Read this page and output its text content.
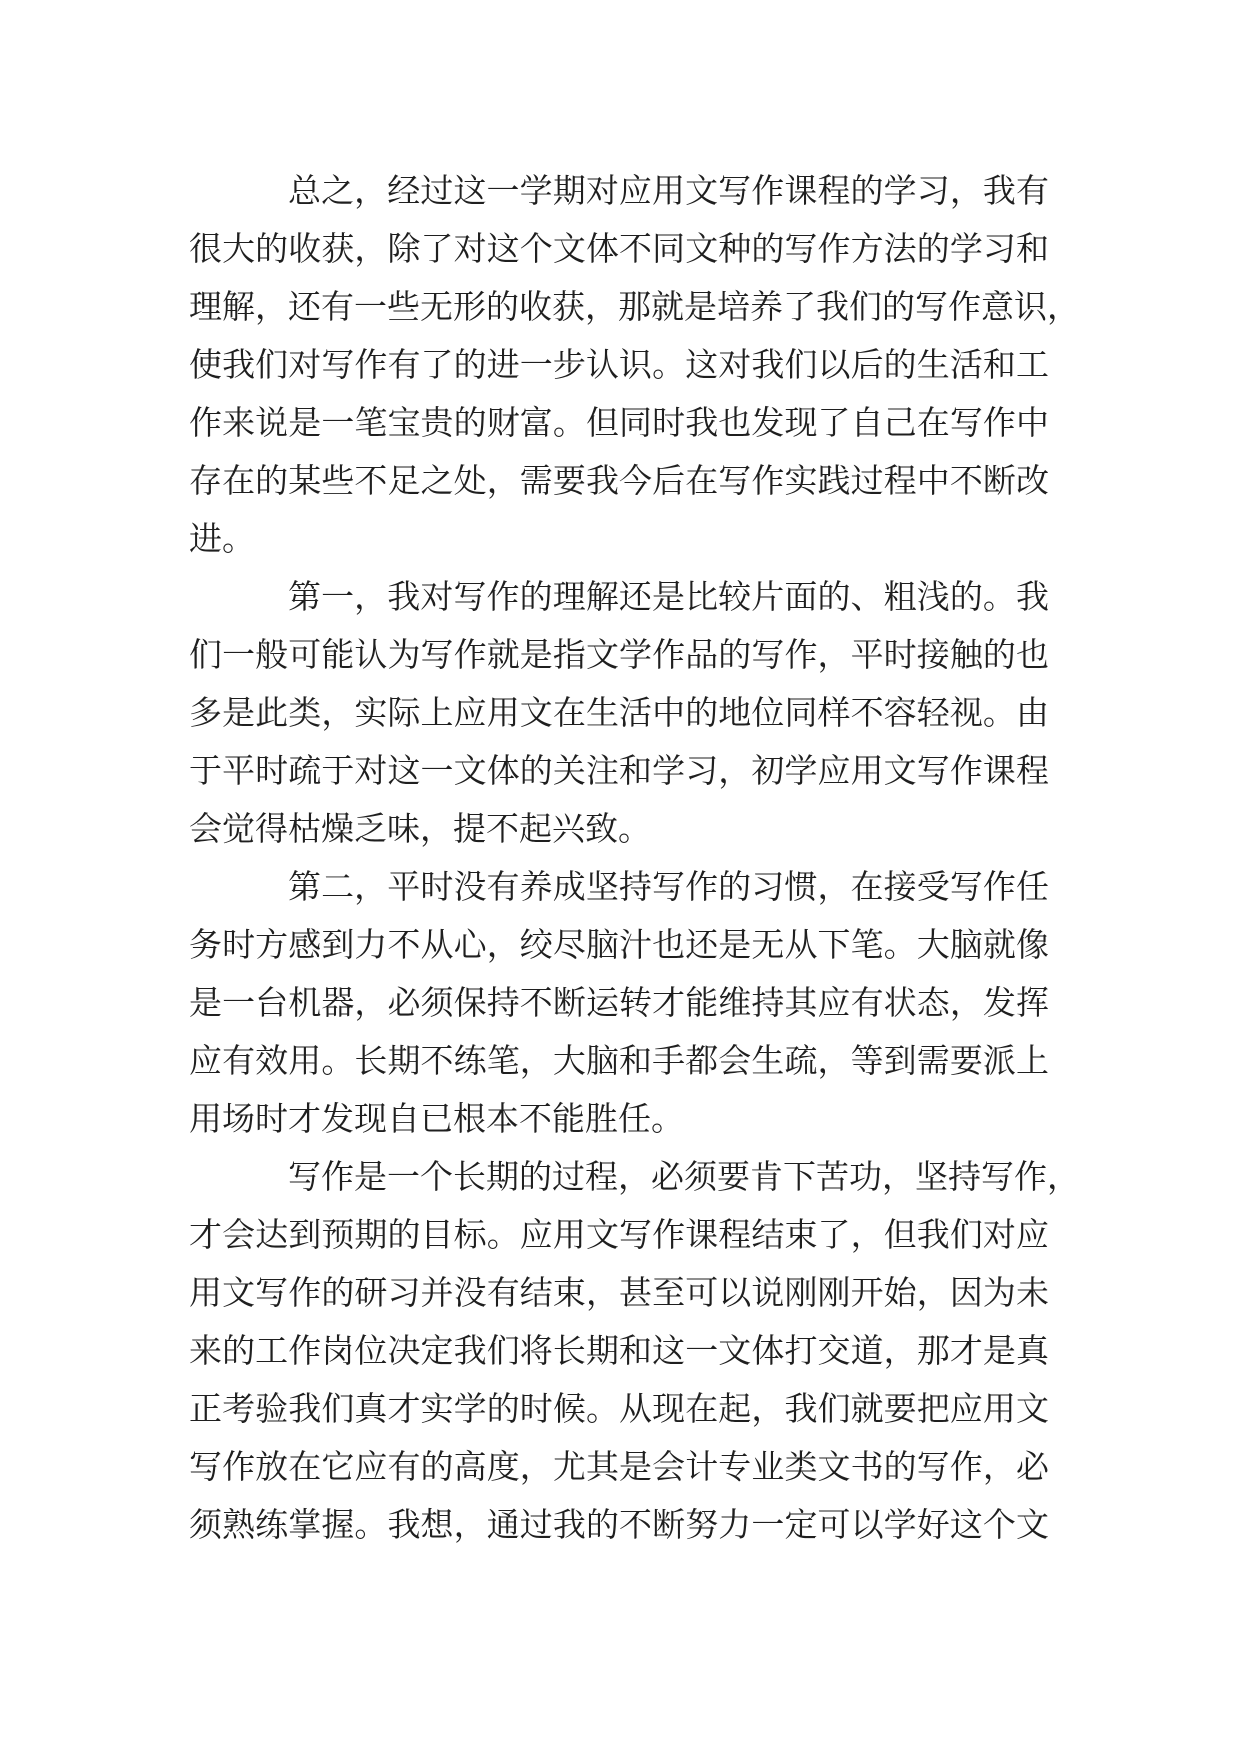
总之，经过这一学期对应用文写作课程的学习，我有
很大的收获，除了对这个文体不同文种的写作方法的学习和
理解，还有一些无形的收获，那就是培养了我们的写作意识，
使我们对写作有了的进一步认识。这对我们以后的生活和工
作来说是一笔宝贵的财富。但同时我也发现了自己在写作中
存在的某些不足之处，需要我今后在写作实践过程中不断改
进。
第一，我对写作的理解还是比较片面的、粗浅的。我
们一般可能认为写作就是指文学作品的写作，平时接触的也
多是此类，实际上应用文在生活中的地位同样不容轻视。由
于平时疏于对这一文体的关注和学习，初学应用文写作课程
会觉得枯燥乏味，提不起兴致。
第二，平时没有养成坚持写作的习惯，在接受写作任
务时方感到力不从心，绞尽脑汁也还是无从下笔。大脑就像
是一台机器，必须保持不断运转才能维持其应有状态，发挥
应有效用。长期不练笔，大脑和手都会生疏，等到需要派上
用场时才发现自已根本不能胜任。
写作是一个长期的过程，必须要肯下苦功，坚持写作，
才会达到预期的目标。应用文写作课程结束了，但我们对应
用文写作的研习并没有结束，甚至可以说刚刚开始，因为未
来的工作岗位决定我们将长期和这一文体打交道，那才是真
正考验我们真才实学的时候。从现在起，我们就要把应用文
写作放在它应有的高度，尤其是会计专业类文书的写作，必
须熟练掌握。我想，通过我的不断努力一定可以学好这个文
